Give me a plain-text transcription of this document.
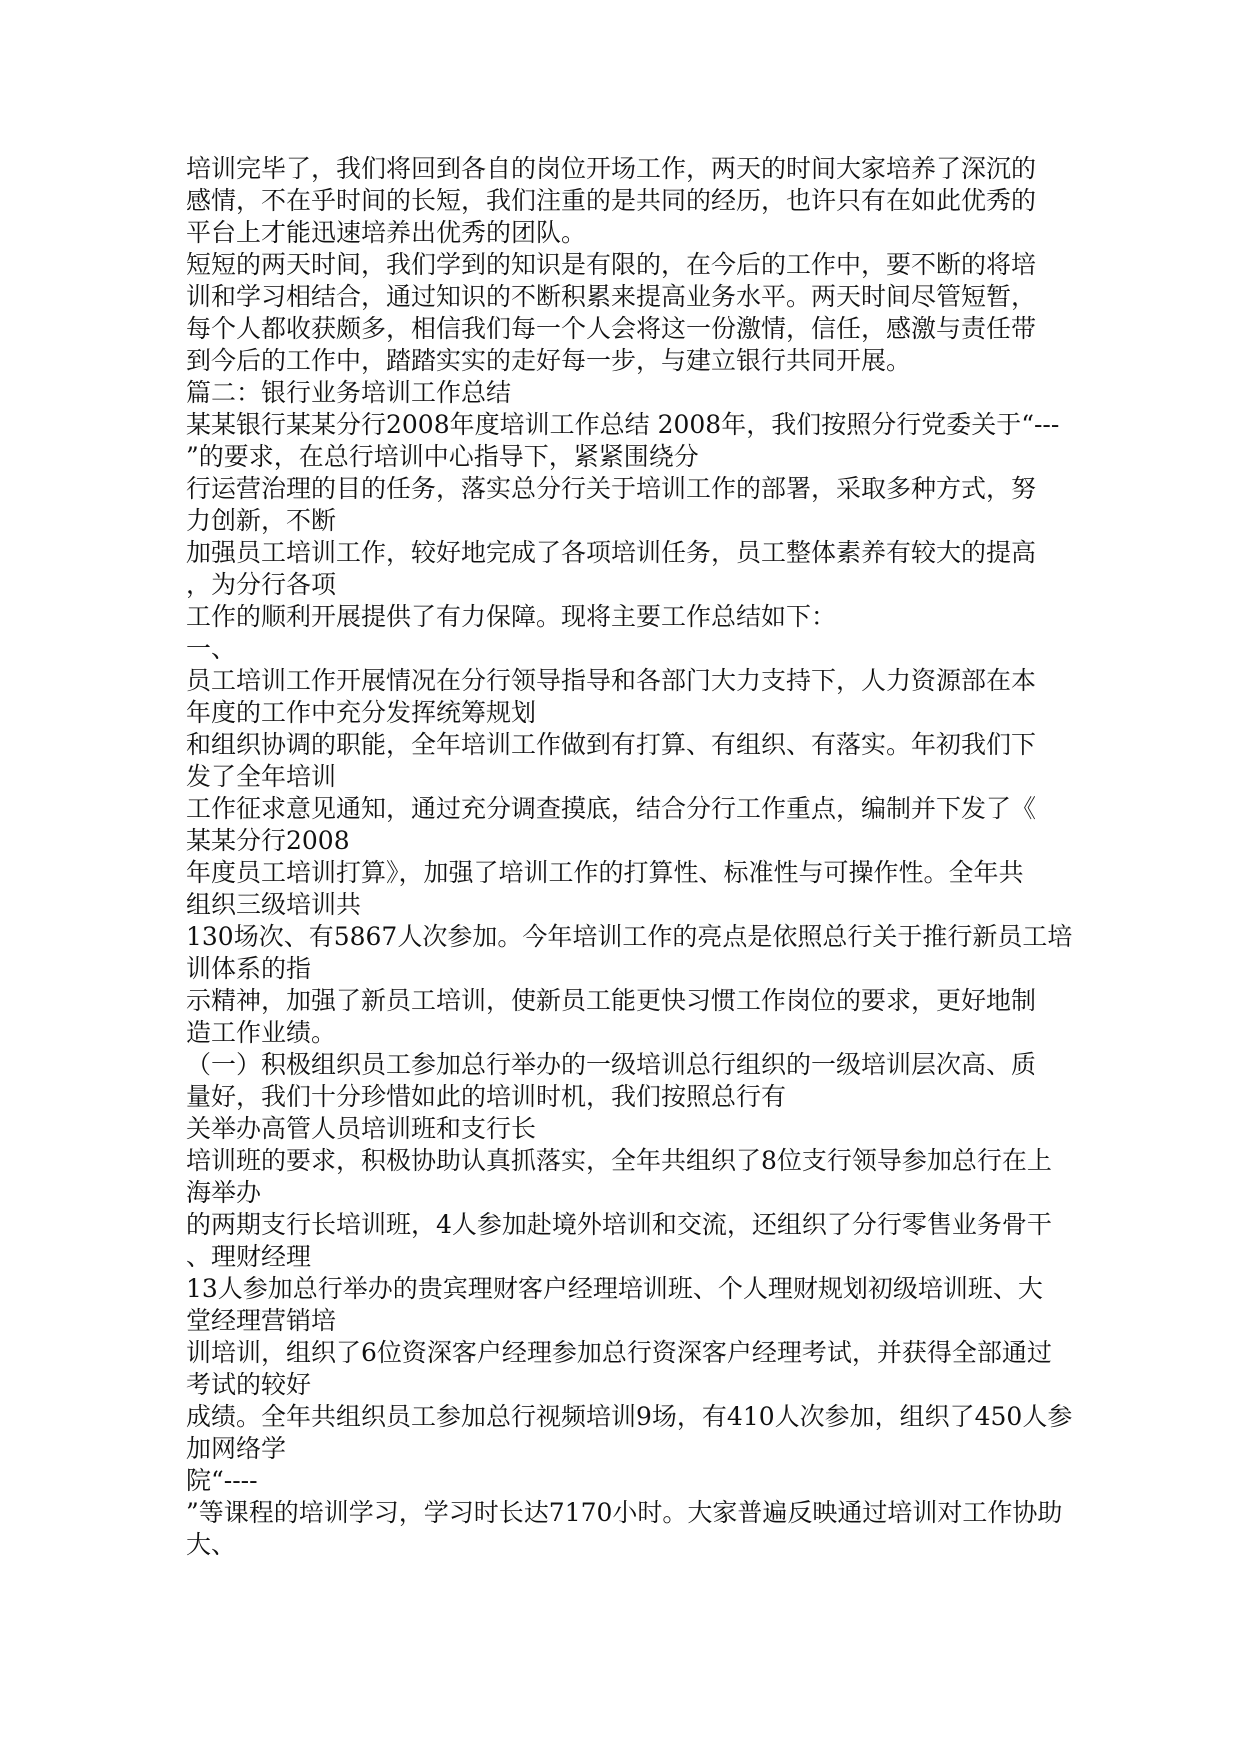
培训完毕了，我们将回到各自的岗位开场工作，两天的时间大家培养了深沉的
感情，不在乎时间的长短，我们注重的是共同的经历，也许只有在如此优秀的
平台上才能迅速培养出优秀的团队。
短短的两天时间，我们学到的知识是有限的，在今后的工作中，要不断的将培
训和学习相结合，通过知识的不断积累来提高业务水平。两天时间尽管短暂，
每个人都收获颇多，相信我们每一个人会将这一份激情，信任，感激与责任带
到今后的工作中，踏踏实实的走好每一步，与建立银行共同开展。
篇二：银行业务培训工作总结
某某银行某某分行2008年度培训工作总结 2008年，我们按照分行党委关于“---
”的要求，在总行培训中心指导下，紧紧围绕分
行运营治理的目的任务，落实总分行关于培训工作的部署，采取多种方式，努
力创新，不断
加强员工培训工作，较好地完成了各项培训任务，员工整体素养有较大的提高
，为分行各项
工作的顺利开展提供了有力保障。现将主要工作总结如下：
一、
员工培训工作开展情况在分行领导指导和各部门大力支持下，人力资源部在本
年度的工作中充分发挥统筹规划
和组织协调的职能，全年培训工作做到有打算、有组织、有落实。年初我们下
发了全年培训
工作征求意见通知，通过充分调查摸底，结合分行工作重点，编制并下发了《
某某分行2008
年度员工培训打算》，加强了培训工作的打算性、标准性与可操作性。全年共
组织三级培训共
130场次、有5867人次参加。今年培训工作的亮点是依照总行关于推行新员工培
训体系的指
示精神，加强了新员工培训，使新员工能更快习惯工作岗位的要求，更好地制
造工作业绩。
（一）积极组织员工参加总行举办的一级培训总行组织的一级培训层次高、质
量好，我们十分珍惜如此的培训时机，我们按照总行有
关举办高管人员培训班和支行长
培训班的要求，积极协助认真抓落实，全年共组织了8位支行领导参加总行在上
海举办
的两期支行长培训班，4人参加赴境外培训和交流，还组织了分行零售业务骨干
、理财经理
13人参加总行举办的贵宾理财客户经理培训班、个人理财规划初级培训班、大
堂经理营销培
训培训，组织了6位资深客户经理参加总行资深客户经理考试，并获得全部通过
考试的较好
成绩。全年共组织员工参加总行视频培训9场，有410人次参加，组织了450人参
加网络学
院“----
”等课程的培训学习，学习时长达7170小时。大家普遍反映通过培训对工作协助
大、
